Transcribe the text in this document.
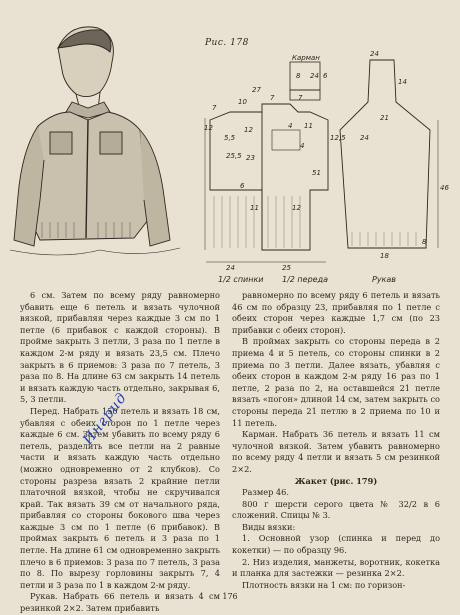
Рис. 178
Карман
8	6
7
10	7	7
24
27
12
5,5
12
25,5 23
4 11
51
6
24	25
21
14
46
8
18
11
12,5
12
24
4
24
1/2 спинки 1/2 переда	Рукав

6 см. Затем по всему ряду равномерно убавить еще 6 петель и вязать чулочной вязкой, прибавляя через каждые 3 см по 1 петле (6 прибавок с каждой стороны). В пройме закрыть 3 петли, 3 раза по 1 петле в каждом 2-м ряду и вязать 23,5 см. Плечо закрыть в 6 приемов: 3 раза по 7 петель, 3 раза по 8. На длине 63 см закрыть 14 петель и вязать каждую часть отдельно, закрывая 6, 5, 3 петли.

Перед. Набрать 150 петель и вязать 18 см, убавляя с обеих сторон по 1 петле через каждые 6 см. Затем убавить по всему ряду 6 петель, разделить все петли на 2 равные части и вязать каждую часть отдельно (можно одновременно от 2 клубков). Со стороны разреза вязать 2 крайние петли платочной вязкой, чтобы не скручивался край. Так вязать 39 см от начального ряда, прибавляя со стороны бокового шва через каждые 3 см по 1 петле (6 прибавок). В проймах закрыть 6 петель и 3 раза по 1 петле. На длине 61 см одновременно закрыть плечо в 6 приемов: 3 раза по 7 петель, 3 раза по 8. По вырезу горловины закрыть 7, 4 петли и 3 раза по 1 в каждом 2-м ряду.

Рукав. Набрать 66 петель и вязать 4 см резинкой 2×2. Затем прибавить

равномерно по всему ряду 6 петель и вязать 46 см по образцу 23, прибавляя по 1 петле с обеих сторон через каждые 1,7 см (по 23 прибавки с обеих сторон).

В проймах закрыть со стороны переда в 2 приема 4 и 5 петель, со стороны спинки в 2 приема по 3 петли. Далее вязать, убавляя с обеих сторон в каждом 2-м ряду 16 раз по 1 петле, 2 раза по 2, на оставшейся 21 петле вязать «погон» длиной 14 см, затем закрыть со стороны переда 21 петлю в 2 приема по 10 и 11 петель.

Карман. Набрать 36 петель и вязать 11 см чулочной вязкой. Затем убавить равномерно по всему ряду 4 петли и вязать 5 см резинкой 2×2.

Жакет (рис. 179)

Размер 46.

800 г шерсти серого цвета № 32/2 в 6 сложений. Спицы № 3.

Виды вязки:

1. Основной узор (спинка и перед до кокетки) — по образцу 96.

2. Низ изделия, манжеты, воротник, кокетка и планка для застежки — резинка 2×2.

Плотность вязки на 1 см: по горизон-

Ингрид
176
